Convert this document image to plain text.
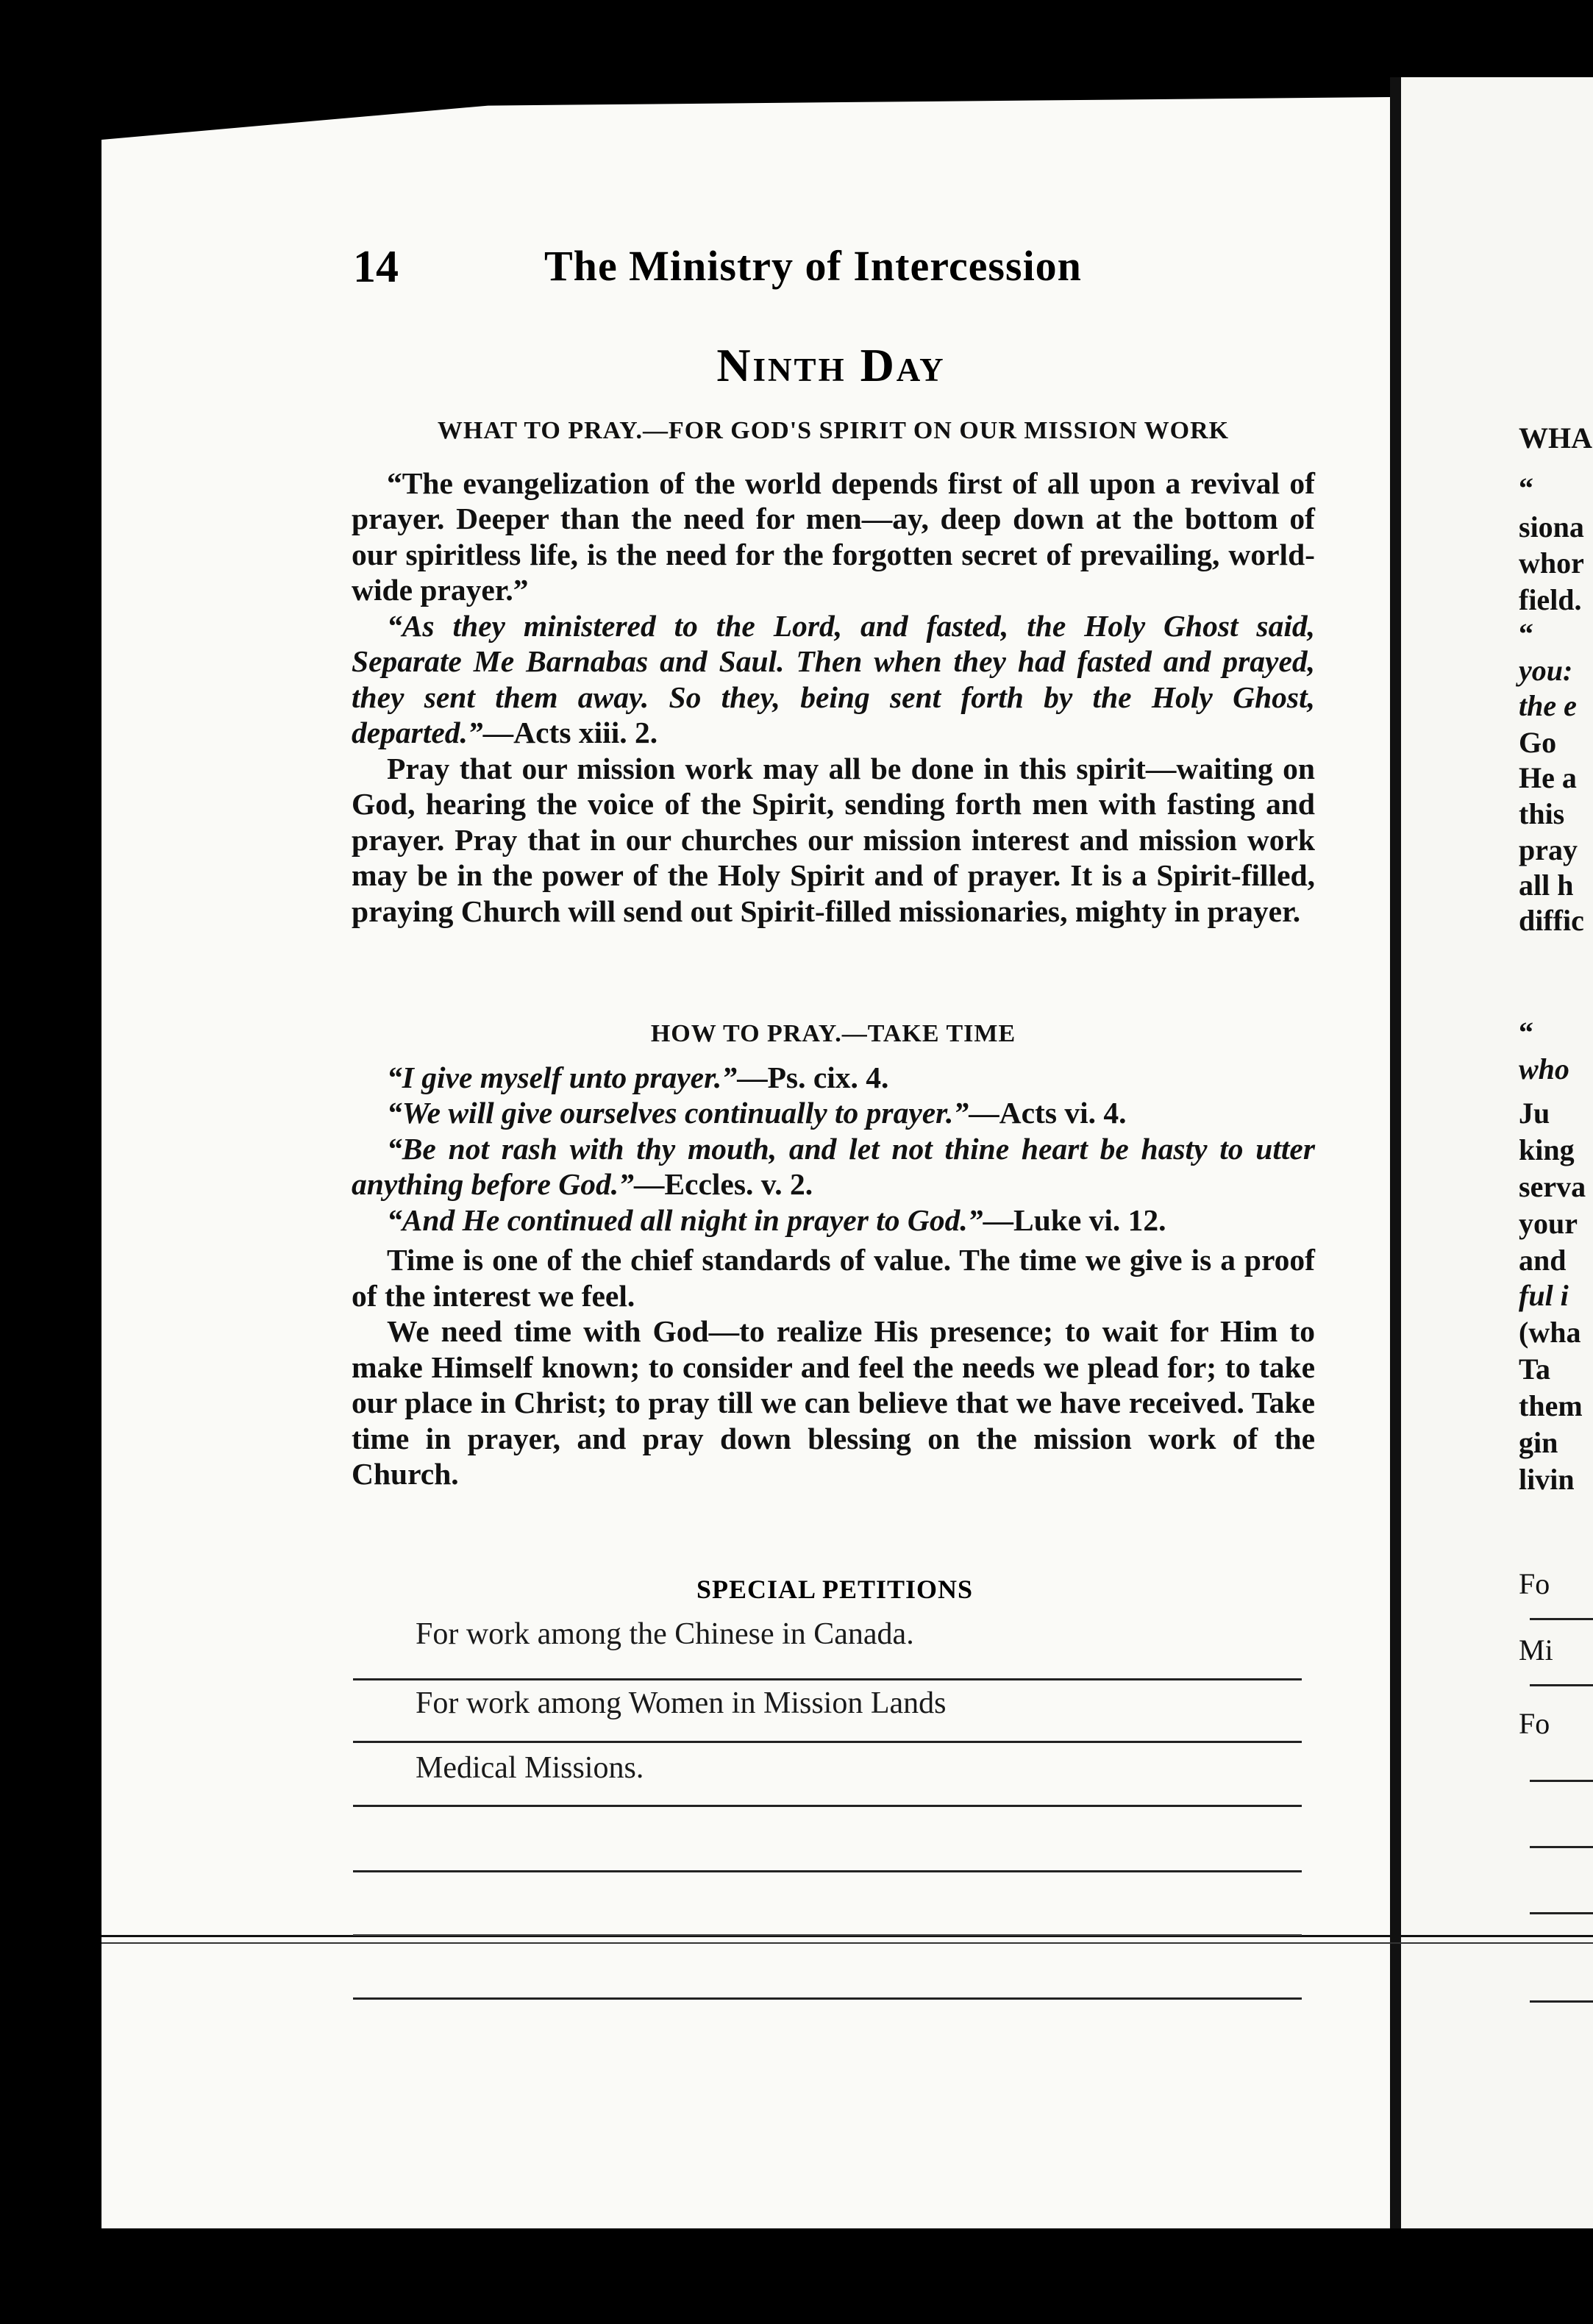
14	The Ministry of Intercession
Ninth Day
WHAT TO PRAY.—FOR GOD'S SPIRIT ON OUR MISSION WORK

“The evangelization of the world depends first of all upon a revival of prayer. Deeper than the need for men—ay, deep down at the bottom of our spiritless life, is the need for the forgotten secret of prevailing, world-wide prayer.”

“As they ministered to the Lord, and fasted, the Holy Ghost said, Separate Me Barnabas and Saul. Then when they had fasted and prayed, they sent them away. So they, being sent forth by the Holy Ghost, departed.”—Acts xiii. 2.

Pray that our mission work may all be done in this spirit—waiting on God, hearing the voice of the Spirit, sending forth men with fasting and prayer. Pray that in our churches our mission interest and mission work may be in the power of the Holy Spirit and of prayer. It is a Spirit-filled, praying Church will send out Spirit-filled missionaries, mighty in prayer.

HOW TO PRAY.—TAKE TIME

“I give myself unto prayer.”—Ps. cix. 4.

“We will give ourselves continually to prayer.”—Acts vi. 4.

“Be not rash with thy mouth, and let not thine heart be hasty to utter anything before God.”—Eccles. v. 2.

“And He continued all night in prayer to God.”—Luke vi. 12.

Time is one of the chief standards of value. The time we give is a proof of the interest we feel.

We need time with God—to realize His presence; to wait for Him to make Himself known; to consider and feel the needs we plead for; to take our place in Christ; to pray till we can believe that we have received. Take time in prayer, and pray down blessing on the mission work of the Church.

SPECIAL PETITIONS
For work among the Chinese in Canada.
For work among Women in Mission Lands
Medical Missions.
WHA
“
siona
whor
field.
“
you:
the e
Go
He a
this
pray
all h
diffic
“
who
Ju
king
serva
your
and
ful i
(wha
Ta
them
gin
livin
Fo
Mi
Fo
